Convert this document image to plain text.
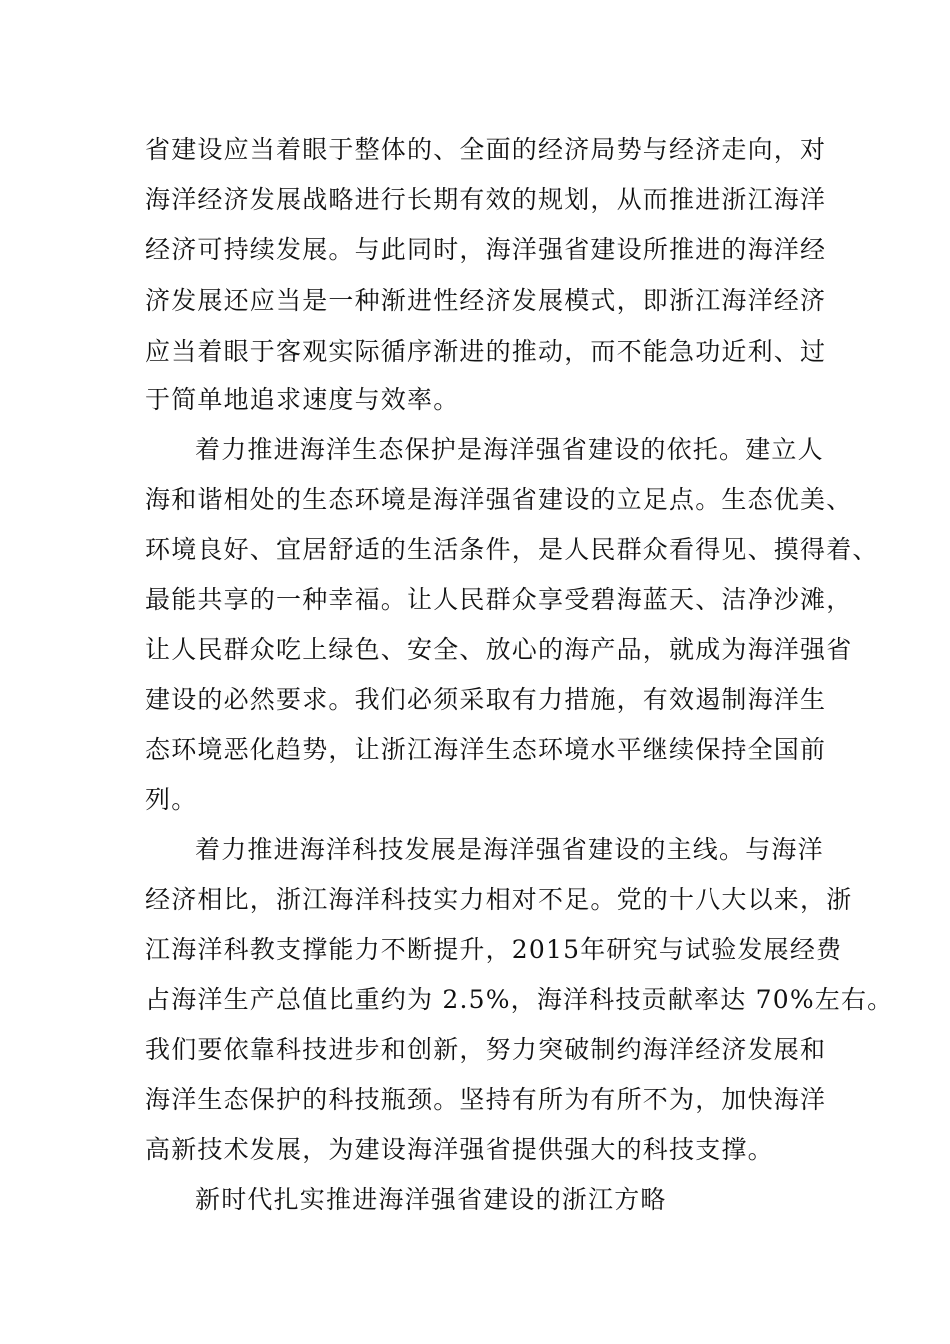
省建设应当着眼于整体的、全面的经济局势与经济走向，对
海洋经济发展战略进行长期有效的规划，从而推进浙江海洋
经济可持续发展。与此同时，海洋强省建设所推进的海洋经
济发展还应当是一种渐进性经济发展模式，即浙江海洋经济
应当着眼于客观实际循序渐进的推动，而不能急功近利、过
于简单地追求速度与效率。
着力推进海洋生态保护是海洋强省建设的依托。建立人
海和谐相处的生态环境是海洋强省建设的立足点。生态优美、
环境良好、宜居舒适的生活条件，是人民群众看得见、摸得着、
最能共享的一种幸福。让人民群众享受碧海蓝天、洁净沙滩，
让人民群众吃上绿色、安全、放心的海产品，就成为海洋强省
建设的必然要求。我们必须采取有力措施，有效遏制海洋生
态环境恶化趋势，让浙江海洋生态环境水平继续保持全国前
列。
着力推进海洋科技发展是海洋强省建设的主线。与海洋
经济相比，浙江海洋科技实力相对不足。党的十八大以来，浙
江海洋科教支撑能力不断提升，2015年研究与试验发展经费
占海洋生产总值比重约为 2.5%，海洋科技贡献率达 70%左右。
我们要依靠科技进步和创新，努力突破制约海洋经济发展和
海洋生态保护的科技瓶颈。坚持有所为有所不为，加快海洋
高新技术发展，为建设海洋强省提供强大的科技支撑。
新时代扎实推进海洋强省建设的浙江方略
